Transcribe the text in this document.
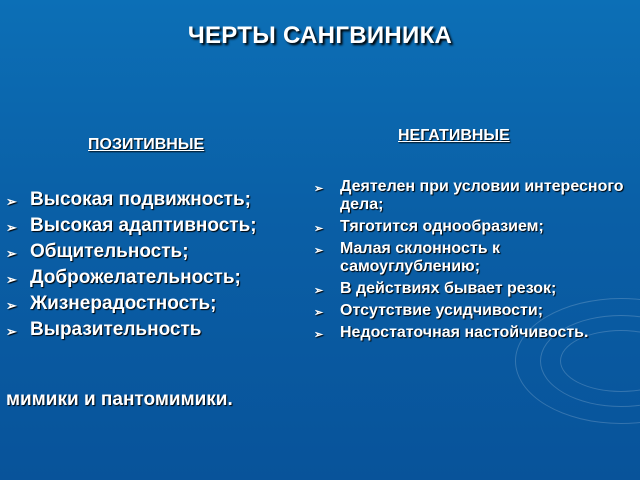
ЧЕРТЫ САНГВИНИКА
ПОЗИТИВНЫЕ
НЕГАТИВНЫЕ
➢ Высокая подвижность;
➢ Высокая адаптивность;
➢ Общительность;
➢ Доброжелательность;
➢ Жизнерадостность;
➢ Выразительность
мимики и пантомимики.
➢ Деятелен при условии интересного дела;
➢ Тяготится однообразием;
➢ Малая склонность к самоуглублению;
➢ В действиях бывает резок;
➢ Отсутствие усидчивости;
➢ Недостаточная настойчивость.
